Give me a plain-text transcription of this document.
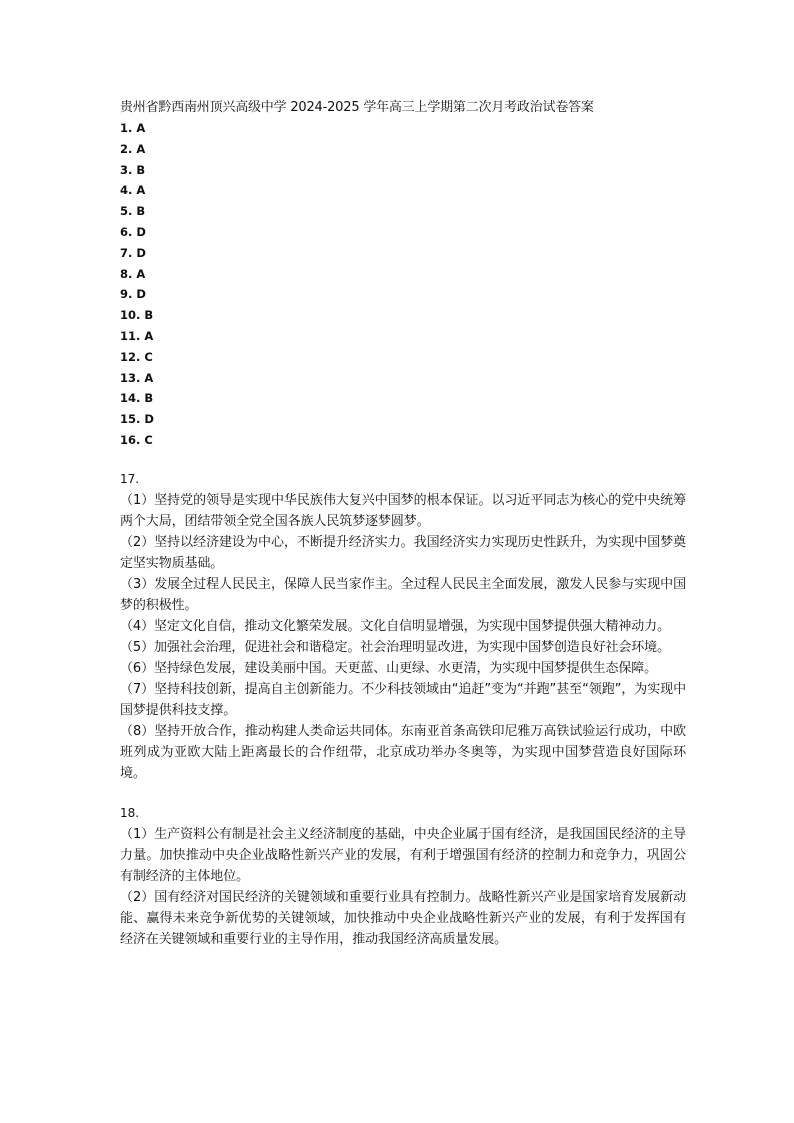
贵州省黔西南州顶兴高级中学 2024-2025 学年高三上学期第二次月考政治试卷答案
1. A
2. A
3. B
4. A
5. B
6. D
7. D
8. A
9. D
10. B
11. A
12. C
13. A
14. B
15. D
16. C
17.

（1）坚持党的领导是实现中华民族伟大复兴中国梦的根本保证。以习近平同志为核心的党中央统筹两个大局，团结带领全党全国各族人民筑梦逐梦圆梦。

（2）坚持以经济建设为中心，不断提升经济实力。我国经济实力实现历史性跃升，为实现中国梦奠定坚实物质基础。

（3）发展全过程人民民主，保障人民当家作主。全过程人民民主全面发展，激发人民参与实现中国梦的积极性。

（4）坚定文化自信，推动文化繁荣发展。文化自信明显增强，为实现中国梦提供强大精神动力。

（5）加强社会治理，促进社会和谐稳定。社会治理明显改进，为实现中国梦创造良好社会环境。

（6）坚持绿色发展，建设美丽中国。天更蓝、山更绿、水更清，为实现中国梦提供生态保障。

（7）坚持科技创新，提高自主创新能力。不少科技领域由“追赶”变为“并跑”甚至“领跑”，为实现中国梦提供科技支撑。

（8）坚持开放合作，推动构建人类命运共同体。东南亚首条高铁印尼雅万高铁试验运行成功，中欧班列成为亚欧大陆上距离最长的合作纽带，北京成功举办冬奥等，为实现中国梦营造良好国际环境。

18.

（1）生产资料公有制是社会主义经济制度的基础，中央企业属于国有经济，是我国国民经济的主导力量。加快推动中央企业战略性新兴产业的发展，有利于增强国有经济的控制力和竞争力，巩固公有制经济的主体地位。

（2）国有经济对国民经济的关键领域和重要行业具有控制力。战略性新兴产业是国家培育发展新动能、赢得未来竞争新优势的关键领域，加快推动中央企业战略性新兴产业的发展，有利于发挥国有经济在关键领域和重要行业的主导作用，推动我国经济高质量发展。
